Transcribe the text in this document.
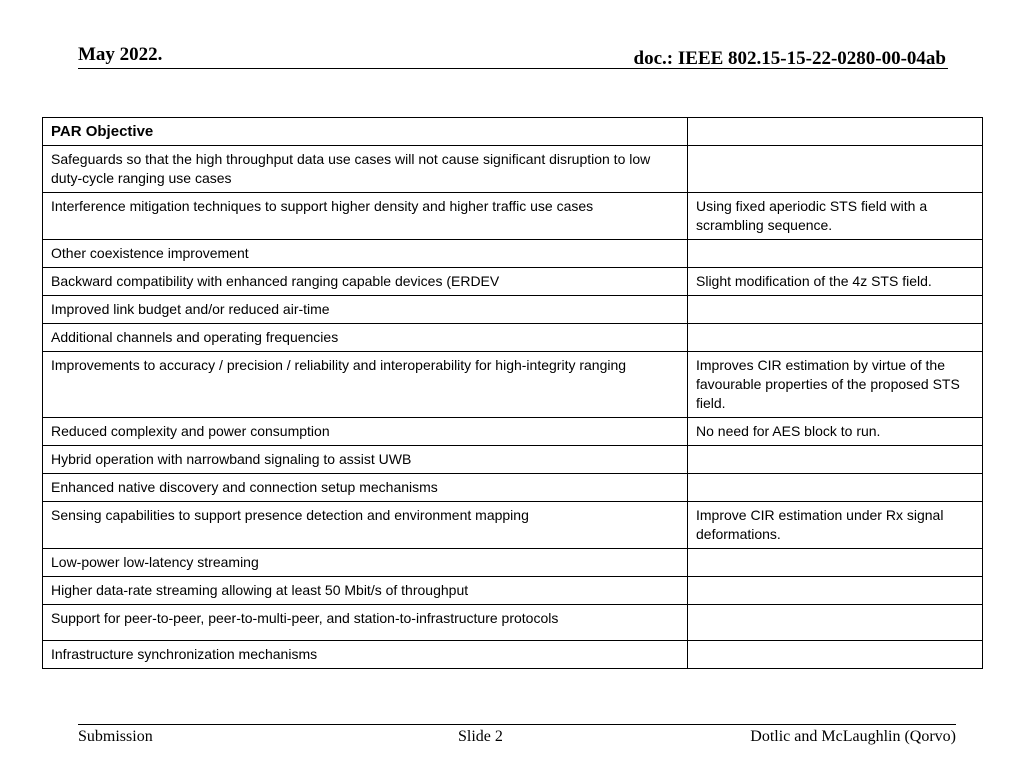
May 2022.	doc.: IEEE 802.15-15-22-0280-00-04ab
PAR Objective	
Safeguards so that the high throughput data use cases will not cause significant disruption to low duty-cycle ranging use cases	
Interference mitigation techniques to support higher density and higher traffic use cases	Using fixed aperiodic STS field with a scrambling sequence.
Other coexistence improvement	
Backward compatibility with enhanced ranging capable devices (ERDEV	Slight modification of the 4z STS field.
Improved link budget and/or reduced air-time	
Additional channels and operating frequencies	
Improvements to accuracy / precision / reliability and interoperability for high-integrity ranging	Improves CIR estimation by virtue of the favourable properties of the proposed STS field.
Reduced complexity and power consumption	No need for AES block to run.
Hybrid operation with narrowband signaling to assist UWB	
Enhanced native discovery and connection setup mechanisms	
Sensing capabilities to support presence detection and environment mapping	Improve CIR estimation under Rx signal deformations.
Low-power low-latency streaming	
Higher data-rate streaming allowing at least 50 Mbit/s of throughput	
Support for peer-to-peer, peer-to-multi-peer, and station-to-infrastructure protocols	
Infrastructure synchronization mechanisms	
Submission	Slide 2	Dotlic and McLaughlin (Qorvo)
